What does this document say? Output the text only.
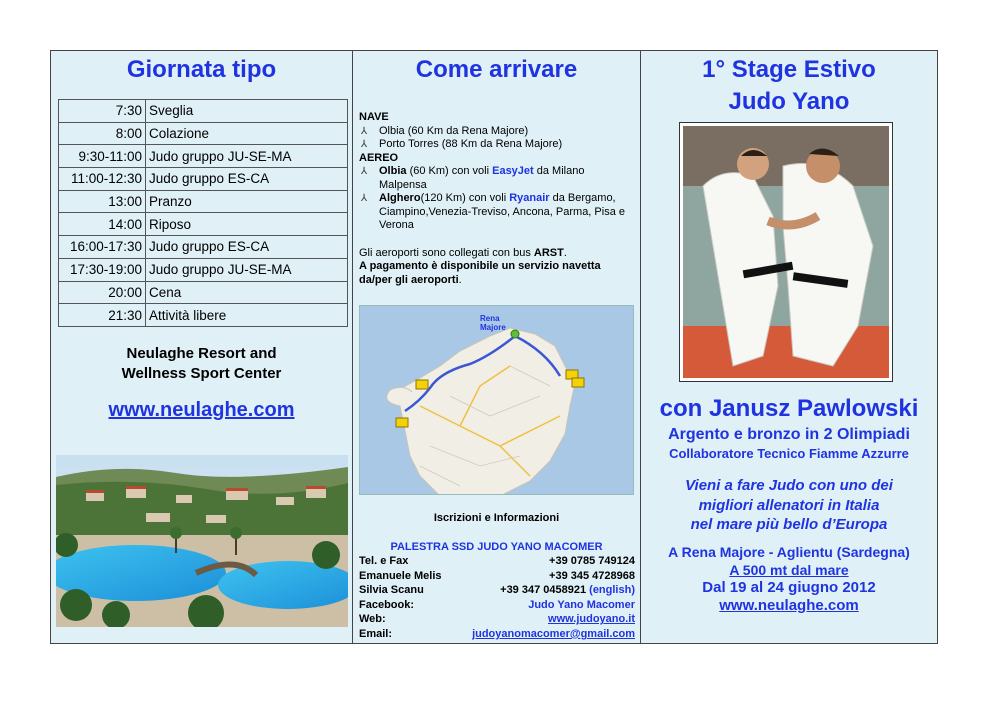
Giornata tipo
7:30	Sveglia
8:00	Colazione
9:30-11:00	Judo gruppo JU-SE-MA
11:00-12:30	Judo gruppo ES-CA
13:00	Pranzo
14:00	Riposo
16:00-17:30	Judo gruppo ES-CA
17:30-19:00	Judo gruppo JU-SE-MA
20:00	Cena
21:30	Attività libere
Neulaghe Resort and
Wellness Sport Center
www.neulaghe.com
Come arrivare
NAVE
⅄ Olbia (60 Km da Rena Majore)
⅄ Porto Torres (88 Km da Rena Majore)
AEREO
⅄ Olbia (60 Km) con voli EasyJet da Milano Malpensa
⅄ Alghero(120 Km) con voli Ryanair da Bergamo, Ciampino,Venezia-Treviso, Ancona, Parma, Pisa e Verona
Gli aeroporti sono collegati con bus ARST.
A pagamento è disponibile un servizio navetta da/per gli aeroporti.
Rena Majore
Iscrizioni e Informazioni
PALESTRA SSD JUDO YANO MACOMER
Tel. e Fax	+39 0785 749124
Emanuele Melis	+39 345 4728968
Silvia Scanu	+39 347 0458921 (english)
Facebook:	Judo Yano Macomer
Web:	www.judoyano.it
Email:	judoyanomacomer@gmail.com
1° Stage Estivo
Judo Yano
con Janusz Pawlowski
Argento e bronzo in 2 Olimpiadi
Collaboratore Tecnico Fiamme Azzurre
Vieni a fare Judo con uno dei
migliori allenatori in Italia
nel mare più bello d’Europa
A Rena Majore - Aglientu (Sardegna)
A 500 mt dal mare
Dal 19 al 24 giugno 2012
www.neulaghe.com
